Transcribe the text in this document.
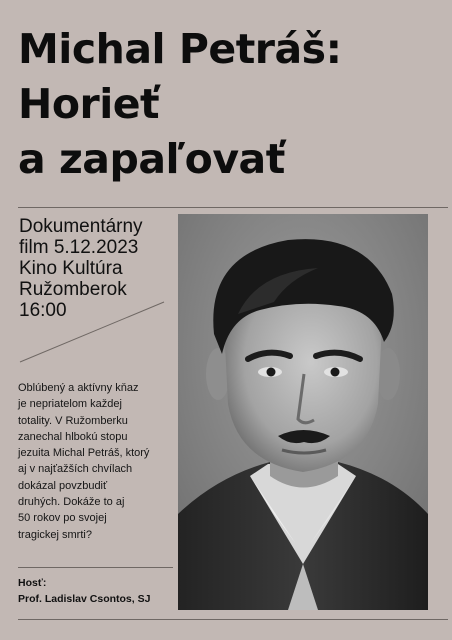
Michal Petráš:
Horieť
a zapaľovať
Dokumentárny
film 5.12.2023
Kino Kultúra
Ružomberok
16:00
Oblúbený a aktívny kňaz
je nepriatelom každej
totality. V Ružomberku
zanechal hlbokú stopu
jezuita Michal Petráš, ktorý
aj v najťažších chvílach
dokázal povzbudiť
druhých. Dokáže to aj
50 rokov po svojej
tragickej smrti?
Hosť:
Prof. Ladislav Csontos, SJ
